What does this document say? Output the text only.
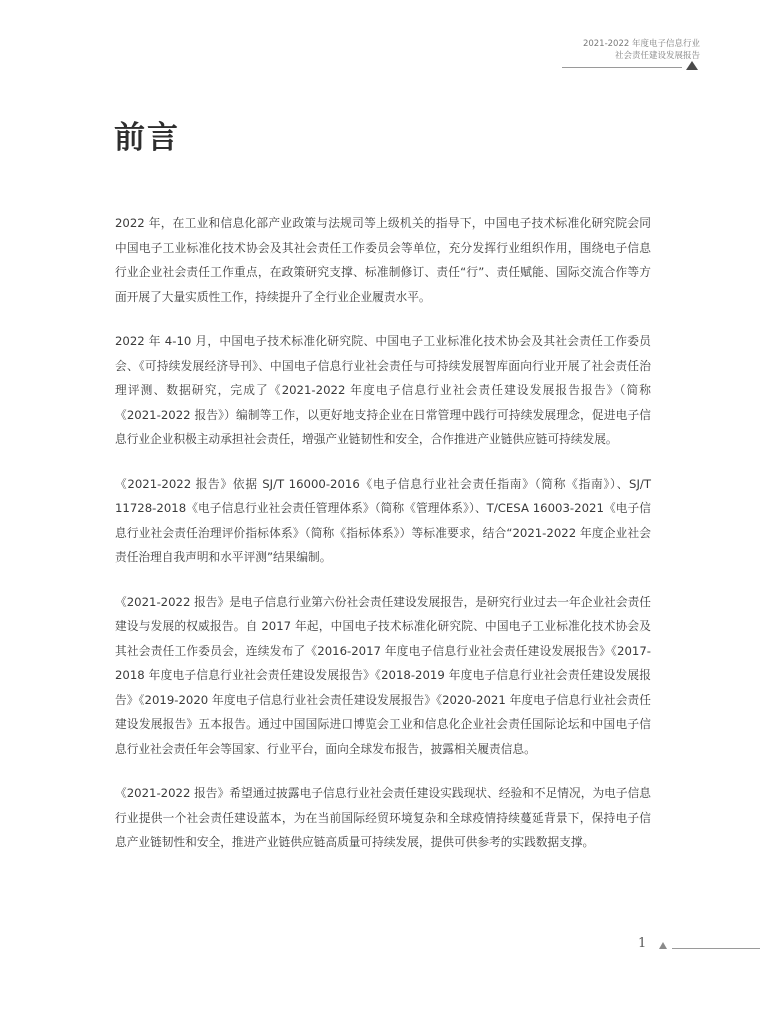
2021-2022 年度电子信息行业
社会责任建设发展报告
前言

2022 年，在工业和信息化部产业政策与法规司等上级机关的指导下，中国电子技术标准化研究院会同中国电子工业标准化技术协会及其社会责任工作委员会等单位，充分发挥行业组织作用，围绕电子信息行业企业社会责任工作重点，在政策研究支撑、标准制修订、责任“行”、责任赋能、国际交流合作等方面开展了大量实质性工作，持续提升了全行业企业履责水平。

2022 年 4-10 月，中国电子技术标准化研究院、中国电子工业标准化技术协会及其社会责任工作委员会、《可持续发展经济导刊》、中国电子信息行业社会责任与可持续发展智库面向行业开展了社会责任治理评测、数据研究，完成了《2021-2022 年度电子信息行业社会责任建设发展报告报告》（简称《2021-2022 报告》）编制等工作，以更好地支持企业在日常管理中践行可持续发展理念，促进电子信息行业企业积极主动承担社会责任，增强产业链韧性和安全，合作推进产业链供应链可持续发展。

《2021-2022 报告》依据 SJ/T 16000-2016《电子信息行业社会责任指南》（简称《指南》）、SJ/T 11728-2018《电子信息行业社会责任管理体系》（简称《管理体系》）、T/CESA 16003-2021《电子信息行业社会责任治理评价指标体系》（简称《指标体系》）等标准要求，结合“2021-2022 年度企业社会责任治理自我声明和水平评测”结果编制。

《2021-2022 报告》是电子信息行业第六份社会责任建设发展报告，是研究行业过去一年企业社会责任建设与发展的权威报告。自 2017 年起，中国电子技术标准化研究院、中国电子工业标准化技术协会及其社会责任工作委员会，连续发布了《2016-2017 年度电子信息行业社会责任建设发展报告》《2017-2018 年度电子信息行业社会责任建设发展报告》《2018-2019 年度电子信息行业社会责任建设发展报告》《2019-2020 年度电子信息行业社会责任建设发展报告》《2020-2021 年度电子信息行业社会责任建设发展报告》五本报告。通过中国国际进口博览会工业和信息化企业社会责任国际论坛和中国电子信息行业社会责任年会等国家、行业平台，面向全球发布报告，披露相关履责信息。

《2021-2022 报告》希望通过披露电子信息行业社会责任建设实践现状、经验和不足情况，为电子信息行业提供一个社会责任建设蓝本，为在当前国际经贸环境复杂和全球疫情持续蔓延背景下，保持电子信息产业链韧性和安全，推进产业链供应链高质量可持续发展，提供可供参考的实践数据支撑。

1
